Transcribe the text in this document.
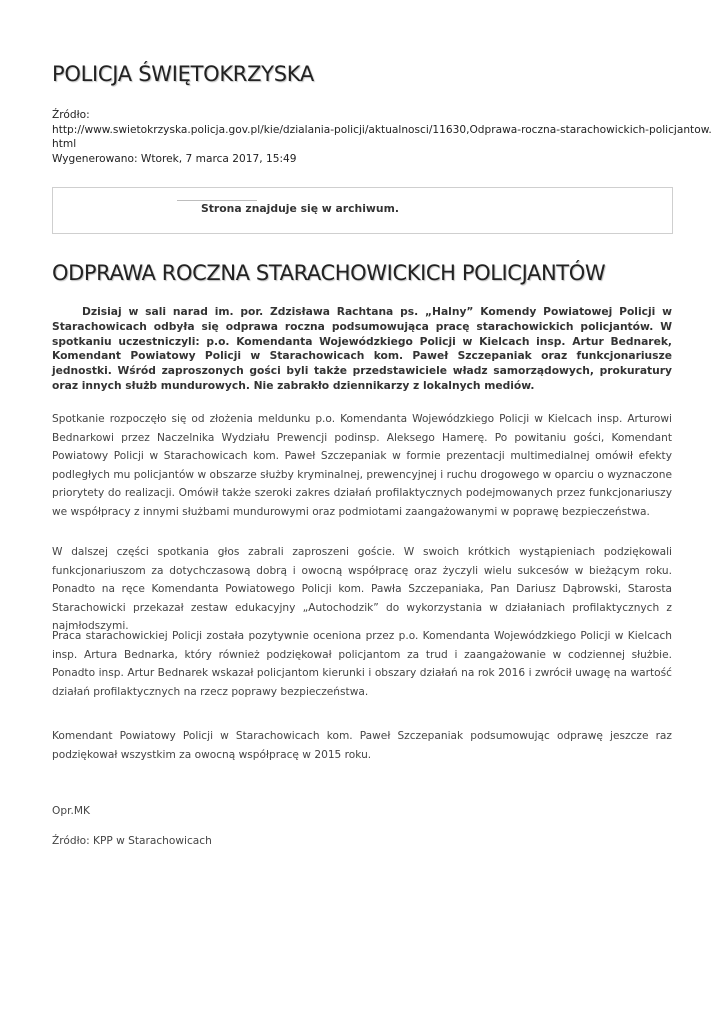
POLICJA ŚWIĘTOKRZYSKA
Źródło:
http://www.swietokrzyska.policja.gov.pl/kie/dzialania-policji/aktualnosci/11630,Odprawa-roczna-starachowickich-policjantow.
html
Wygenerowano: Wtorek, 7 marca 2017, 15:49
Strona znajduje się w archiwum.
ODPRAWA ROCZNA STARACHOWICKICH POLICJANTÓW

Dzisiaj w sali narad im. por. Zdzisława Rachtana ps. „Halny” Komendy Powiatowej Policji w Starachowicach odbyła się odprawa roczna podsumowująca pracę starachowickich policjantów. W spotkaniu uczestniczyli: p.o. Komendanta Wojewódzkiego Policji w Kielcach insp. Artur Bednarek, Komendant Powiatowy Policji w Starachowicach kom. Paweł Szczepaniak oraz funkcjonariusze jednostki. Wśród zaproszonych gości byli także przedstawiciele władz samorządowych, prokuratury oraz innych służb mundurowych. Nie zabrakło dziennikarzy z lokalnych mediów.

Spotkanie rozpoczęło się od złożenia meldunku p.o. Komendanta Wojewódzkiego Policji w Kielcach insp. Arturowi Bednarkowi przez Naczelnika Wydziału Prewencji podinsp. Aleksego Hamerę. Po powitaniu gości, Komendant Powiatowy Policji w Starachowicach kom. Paweł Szczepaniak w formie prezentacji multimedialnej omówił efekty podległych mu policjantów w obszarze służby kryminalnej, prewencyjnej i ruchu drogowego w oparciu o wyznaczone priorytety do realizacji. Omówił także szeroki zakres działań profilaktycznych podejmowanych przez funkcjonariuszy we współpracy z innymi służbami mundurowymi oraz podmiotami zaangażowanymi w poprawę bezpieczeństwa.

W dalszej części spotkania głos zabrali zaproszeni goście. W swoich krótkich wystąpieniach podziękowali funkcjonariuszom za dotychczasową dobrą i owocną współpracę oraz życzyli wielu sukcesów w bieżącym roku. Ponadto na ręce Komendanta Powiatowego Policji kom. Pawła Szczepaniaka, Pan Dariusz Dąbrowski, Starosta Starachowicki przekazał zestaw edukacyjny „Autochodzik” do wykorzystania w działaniach profilaktycznych z najmłodszymi.

Praca starachowickiej Policji została pozytywnie oceniona przez p.o. Komendanta Wojewódzkiego Policji w Kielcach insp. Artura Bednarka, który również podziękował policjantom za trud i zaangażowanie w codziennej służbie. Ponadto insp. Artur Bednarek wskazał policjantom kierunki i obszary działań na rok 2016 i zwrócił uwagę na wartość działań profilaktycznych na rzecz poprawy bezpieczeństwa.

Komendant Powiatowy Policji w Starachowicach kom. Paweł Szczepaniak podsumowując odprawę jeszcze raz podziękował wszystkim za owocną współpracę w 2015 roku.

Opr.MK

Źródło: KPP w Starachowicach
